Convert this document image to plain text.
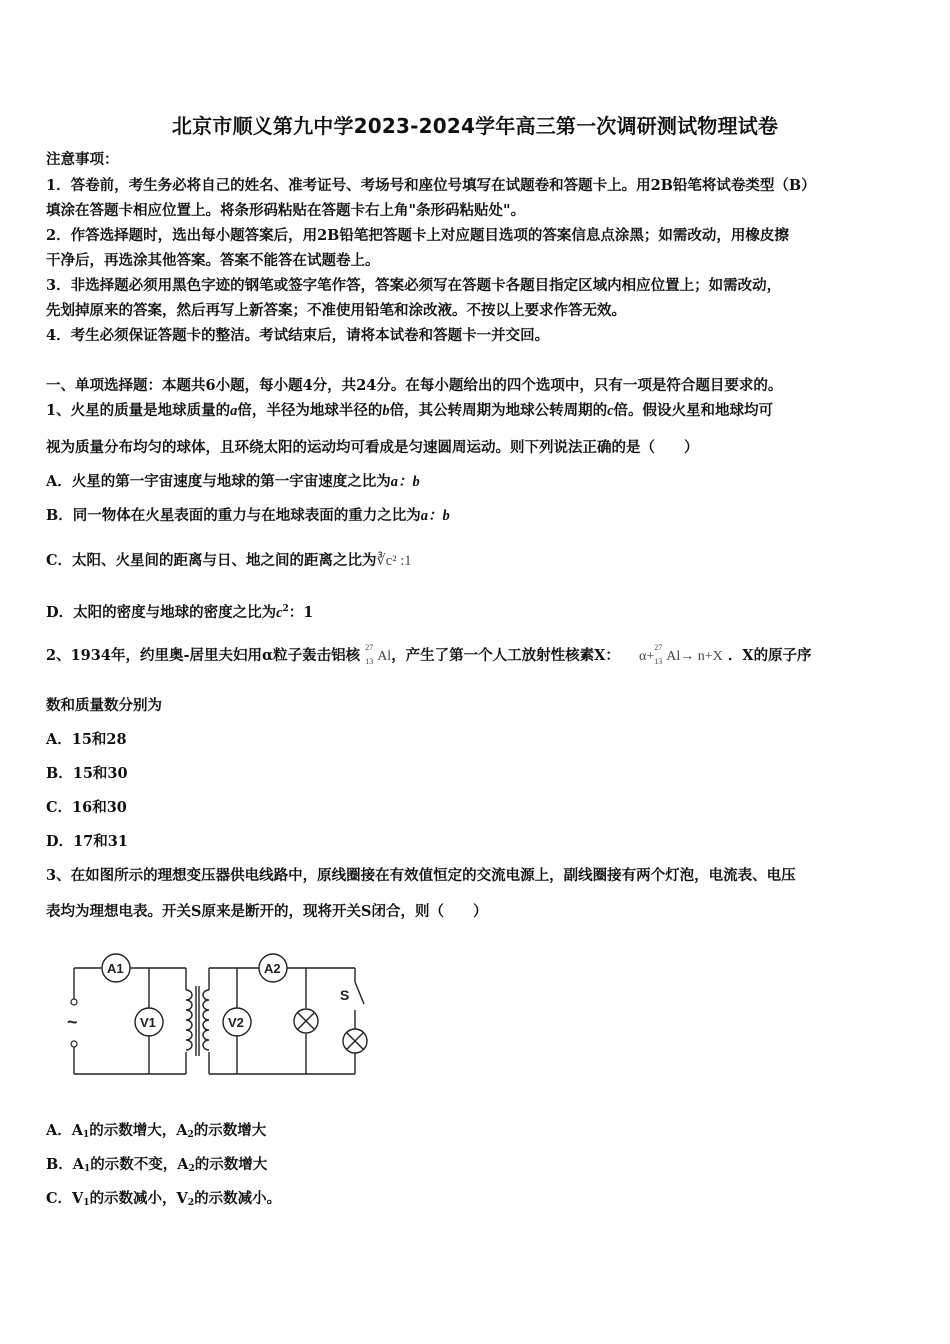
北京市顺义第九中学2023-2024学年高三第一次调研测试物理试卷
注意事项：
1．答卷前，考生务必将自己的姓名、准考证号、考场号和座位号填写在试题卷和答题卡上。用2B铅笔将试卷类型（B）
填涂在答题卡相应位置上。将条形码粘贴在答题卡右上角"条形码粘贴处"。
2．作答选择题时，选出每小题答案后，用2B铅笔把答题卡上对应题目选项的答案信息点涂黑；如需改动，用橡皮擦
干净后，再选涂其他答案。答案不能答在试题卷上。
3．非选择题必须用黑色字迹的钢笔或签字笔作答，答案必须写在答题卡各题目指定区域内相应位置上；如需改动，
先划掉原来的答案，然后再写上新答案；不准使用铅笔和涂改液。不按以上要求作答无效。
4．考生必须保证答题卡的整洁。考试结束后，请将本试卷和答题卡一并交回。
一、单项选择题：本题共6小题，每小题4分，共24分。在每小题给出的四个选项中，只有一项是符合题目要求的。
1、火星的质量是地球质量的a倍，半径为地球半径的b倍，其公转周期为地球公转周期的c倍。假设火星和地球均可
视为质量分布均匀的球体，且环绕太阳的运动均可看成是匀速圆周运动。则下列说法正确的是（　　）
A．火星的第一宇宙速度与地球的第一宇宙速度之比为a：b
B．同一物体在火星表面的重力与在地球表面的重力之比为a：b
C．太阳、火星间的距离与日、地之间的距离之比为∛c² :1
D．太阳的密度与地球的密度之比为$c^2$：1
2、1934年，约里奥-居里夫妇用α粒子轰击铝核 27
13 Al，产生了第一个人工放射性核素X： α+
27
13 Al→ n+X ．X的原子序
数和质量数分别为
A．15和28
B．15和30
C．16和30
D．17和31
3、在如图所示的理想变压器供电线路中，原线圈接在有效值恒定的交流电源上，副线圈接有两个灯泡，电流表、电压
表均为理想电表。开关S原来是断开的，现将开关S闭合，则（　　）
~
A1
V1
A2
V2
S
A．A1的示数增大，A2的示数增大
B．A1的示数不变，A2的示数增大
C．V1的示数减小，V2的示数减小。
